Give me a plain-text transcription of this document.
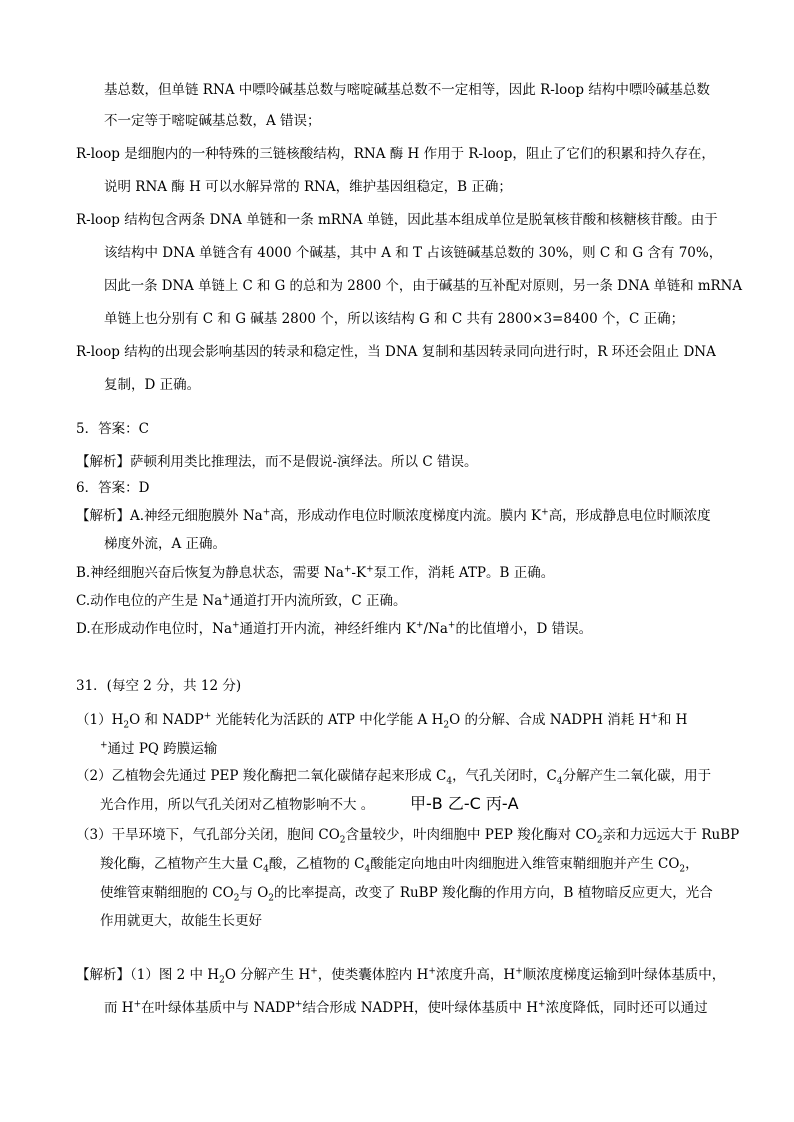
基总数，但单链 RNA 中嘌呤碱基总数与嘧啶碱基总数不一定相等，因此 R-loop 结构中嘌呤碱基总数
不一定等于嘧啶碱基总数，A 错误；
R-loop 是细胞内的一种特殊的三链核酸结构，RNA 酶 H 作用于 R-loop，阻止了它们的积累和持久存在，
说明 RNA 酶 H 可以水解异常的 RNA，维护基因组稳定，B 正确；
R-loop 结构包含两条 DNA 单链和一条 mRNA 单链，因此基本组成单位是脱氧核苷酸和核糖核苷酸。由于
该结构中 DNA 单链含有 4000 个碱基，其中 A 和 T 占该链碱基总数的 30%，则 C 和 G 含有 70%，
因此一条 DNA 单链上 C 和 G 的总和为 2800 个，由于碱基的互补配对原则，另一条 DNA 单链和 mRNA
单链上也分别有 C 和 G 碱基 2800 个，所以该结构 G 和 C 共有 2800×3=8400 个，C 正确；
R-loop 结构的出现会影响基因的转录和稳定性，当 DNA 复制和基因转录同向进行时，R 环还会阻止 DNA
复制，D 正确。
5．答案：C
【解析】萨顿利用类比推理法，而不是假说-演绎法。所以 C 错误。
6．答案：D
【解析】A.神经元细胞膜外 Na+高，形成动作电位时顺浓度梯度内流。膜内 K+高，形成静息电位时顺浓度
梯度外流，A 正确。
B.神经细胞兴奋后恢复为静息状态，需要 Na+-K+泵工作，消耗 ATP。B 正确。
C.动作电位的产生是 Na+通道打开内流所致，C 正确。
D.在形成动作电位时，Na+通道打开内流，神经纤维内 K+/Na+的比值增小，D 错误。
31．(每空 2 分，共 12 分)
$(1)H_2O$ 和 NADP+ 光能转化为活跃的 ATP 中化学能 A $H_2O$ 的分解、合成 NADPH 消耗 H+和 H
+通过 PQ 跨膜运输
（2）乙植物会先通过 PEP 羧化酶把二氧化碳储存起来形成 $C_4$，气孔关闭时，$C_4$分解产生二氧化碳，用于
光合作用，所以气孔关闭对乙植物影响不大 。 甲-B 乙-C 丙-A
（3）干旱环境下，气孔部分关闭，胞间 $CO_2$含量较少，叶肉细胞中 PEP 羧化酶对 $CO_2$亲和力远远大于 RuBP
羧化酶，乙植物产生大量 $C_4$酸，乙植物的 $C_4$酸能定向地由叶肉细胞进入维管束鞘细胞并产生 $CO_2$，
使维管束鞘细胞的 $CO_2$与 $O_2$的比率提高，改变了 RuBP 羧化酶的作用方向，B 植物暗反应更大，光合
作用就更大，故能生长更好
【解析】（1）图 2 中 $H_2O$ 分解产生 H+，使类囊体腔内 H+浓度升高，H+顺浓度梯度运输到叶绿体基质中，
而 H+在叶绿体基质中与 NADP+结合形成 NADPH，使叶绿体基质中 H+浓度降低，同时还可以通过
